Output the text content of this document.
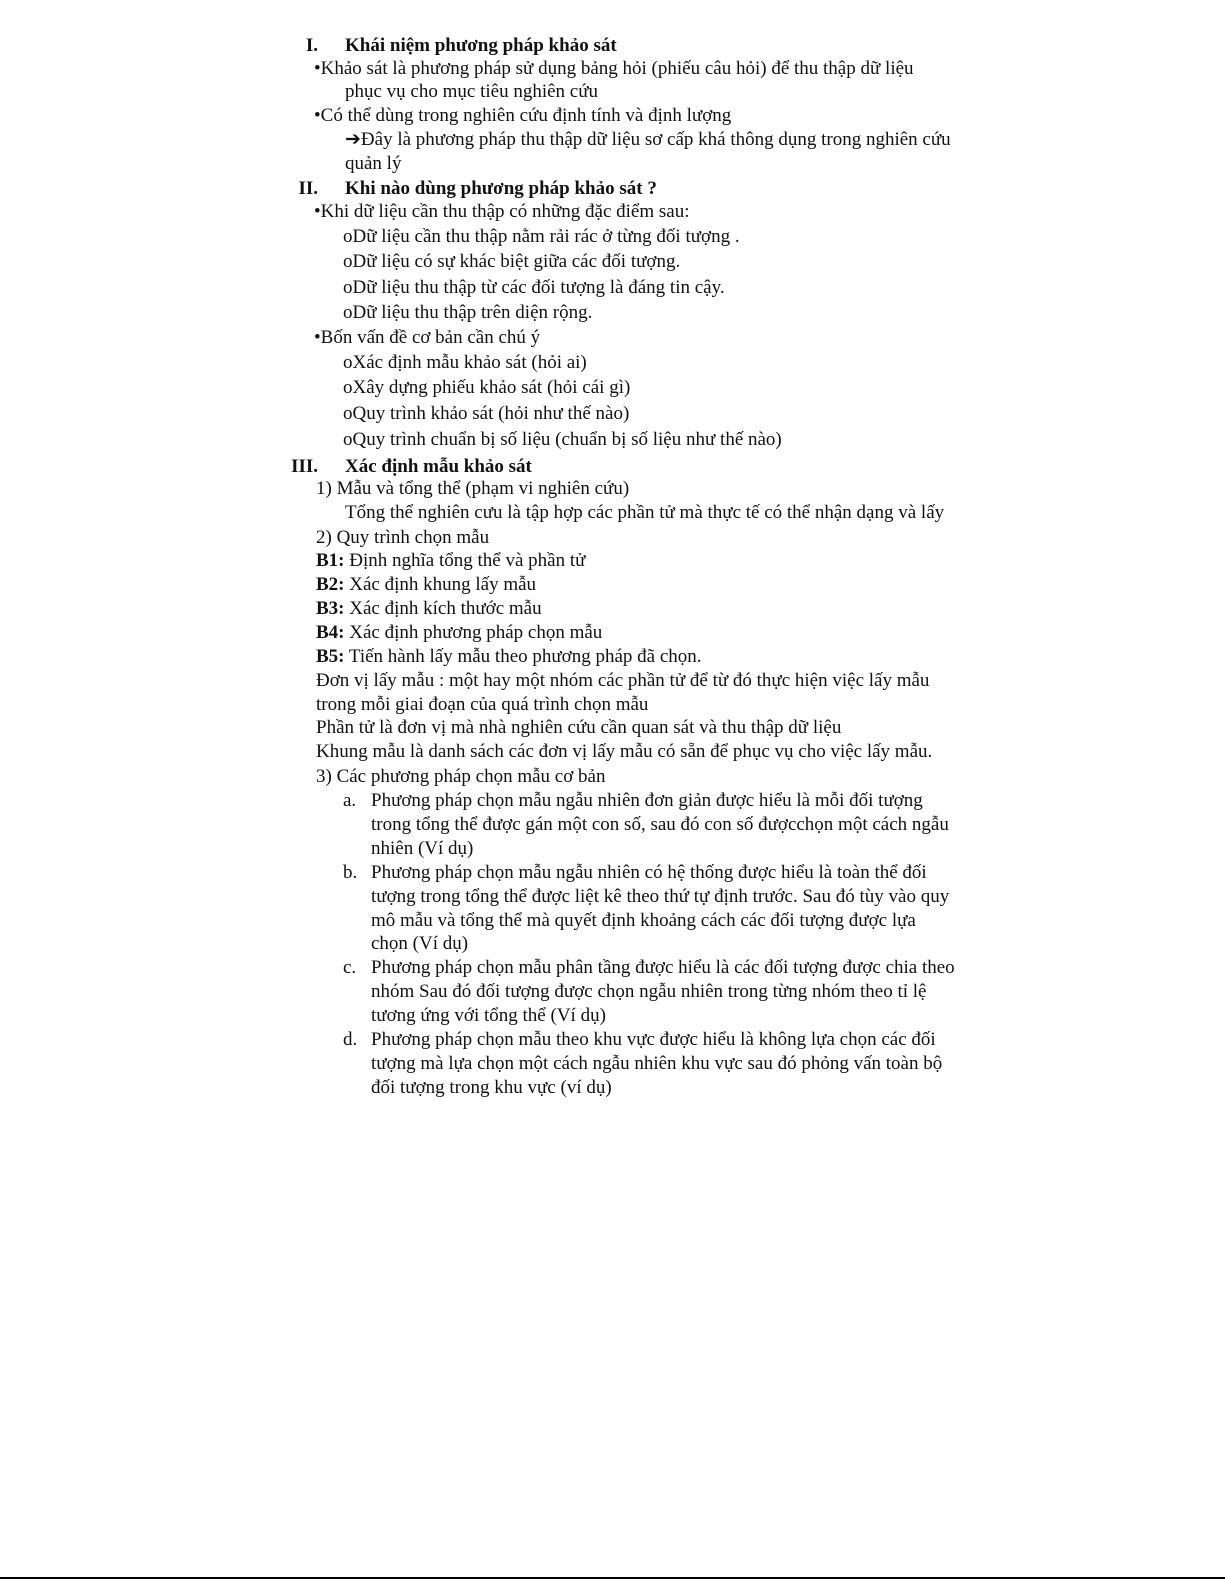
I. Khái niệm phương pháp khảo sát
•Khảo sát là phương pháp sử dụng bảng hỏi (phiếu câu hỏi) để thu thập dữ liệu
phục vụ cho mục tiêu nghiên cứu
•Có thể dùng trong nghiên cứu định tính và định lượng
➔Đây là phương pháp thu thập dữ liệu sơ cấp khá thông dụng trong nghiên cứu
quản lý
II. Khi nào dùng phương pháp khảo sát ?
•Khi dữ liệu cần thu thập có những đặc điểm sau:
oDữ liệu cần thu thập nằm rải rác ở từng đối tượng .
oDữ liệu có sự khác biệt giữa các đối tượng.
oDữ liệu thu thập từ các đối tượng là đáng tin cậy.
oDữ liệu thu thập trên diện rộng.
•Bốn vấn đề cơ bản cần chú ý
oXác định mẫu khảo sát (hỏi ai)
oXây dựng phiếu khảo sát (hỏi cái gì)
oQuy trình khảo sát (hỏi như thế nào)
oQuy trình chuẩn bị số liệu (chuẩn bị số liệu như thế nào)
III. Xác định mẫu khảo sát
1) Mẫu và tổng thể (phạm vi nghiên cứu)
Tổng thể nghiên cưu là tập hợp các phần tử mà thực tế có thể nhận dạng và lấy
2) Quy trình chọn mẫu
B1: Định nghĩa tổng thể và phần tử
B2: Xác định khung lấy mẫu
B3: Xác định kích thước mẫu
B4: Xác định phương pháp chọn mẫu
B5: Tiến hành lấy mẫu theo phương pháp đã chọn.
Đơn vị lấy mẫu : một hay một nhóm các phần tử để từ đó thực hiện việc lấy mẫu
trong mỗi giai đoạn của quá trình chọn mẫu
Phần tử là đơn vị mà nhà nghiên cứu cần quan sát và thu thập dữ liệu
Khung mẫu là danh sách các đơn vị lấy mẫu có sẵn để phục vụ cho việc lấy mẫu.
3) Các phương pháp chọn mẫu cơ bản
a. Phương pháp chọn mẫu ngẫu nhiên đơn giản được hiểu là mỗi đối tượng
trong tổng thể được gán một con số, sau đó con số đượcchọn một cách ngẫu
nhiên (Ví dụ)
b. Phương pháp chọn mẫu ngẫu nhiên có hệ thống được hiểu là toàn thể đối
tượng trong tổng thể được liệt kê theo thứ tự định trước. Sau đó tùy vào quy
mô mẫu và tổng thể mà quyết định khoảng cách các đối tượng được lựa
chọn (Ví dụ)
c. Phương pháp chọn mẫu phân tầng được hiểu là các đối tượng được chia theo
nhóm Sau đó đối tượng được chọn ngẫu nhiên trong từng nhóm theo tỉ lệ
tương ứng với tổng thể (Ví dụ)
d. Phương pháp chọn mẫu theo khu vực được hiểu là không lựa chọn các đối
tượng mà lựa chọn một cách ngẫu nhiên khu vực sau đó phỏng vấn toàn bộ
đối tượng trong khu vực (ví dụ)
